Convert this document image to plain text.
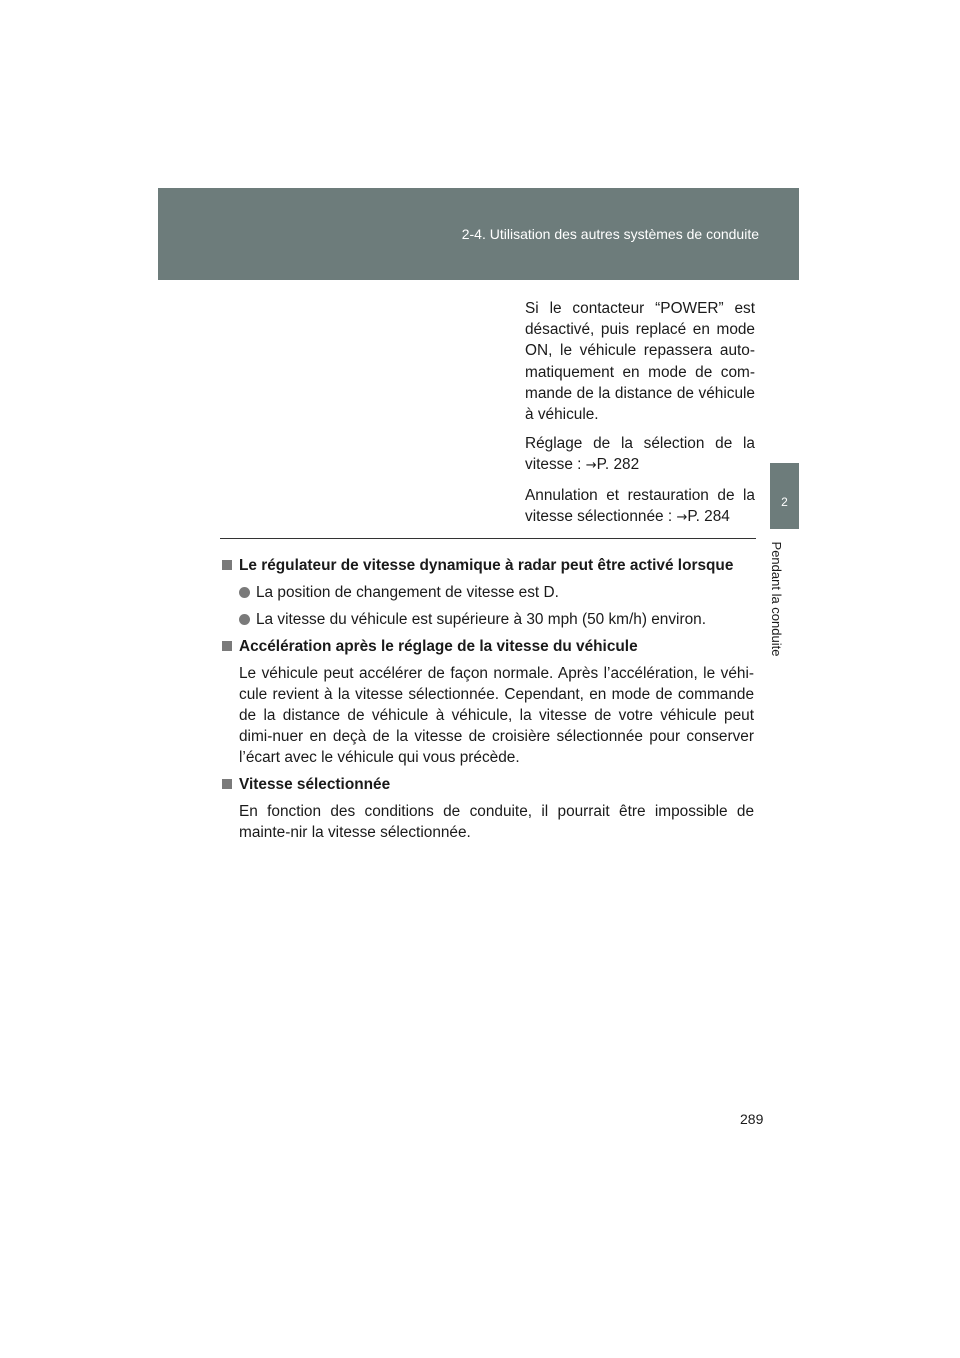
2-4. Utilisation des autres systèmes de conduite
2
Pendant la conduite

Si le contacteur “POWER” est désactivé, puis replacé en mode ON, le véhicule repassera auto-matiquement en mode de com-mande de la distance de véhicule à véhicule.

Réglage de la sélection de la vitesse : →P. 282

Annulation et restauration de la vitesse sélectionnée : →P. 284

Le régulateur de vitesse dynamique à radar peut être activé lorsque
La position de changement de vitesse est D.
La vitesse du véhicule est supérieure à 30 mph (50 km/h) environ.
Accélération après le réglage de la vitesse du véhicule
Le véhicule peut accélérer de façon normale. Après l’accélération, le véhi-cule revient à la vitesse sélectionnée. Cependant, en mode de commande de la distance de véhicule à véhicule, la vitesse de votre véhicule peut dimi-nuer en deçà de la vitesse de croisière sélectionnée pour conserver l’écart avec le véhicule qui vous précède.
Vitesse sélectionnée
En fonction des conditions de conduite, il pourrait être impossible de mainte-nir la vitesse sélectionnée.
289
